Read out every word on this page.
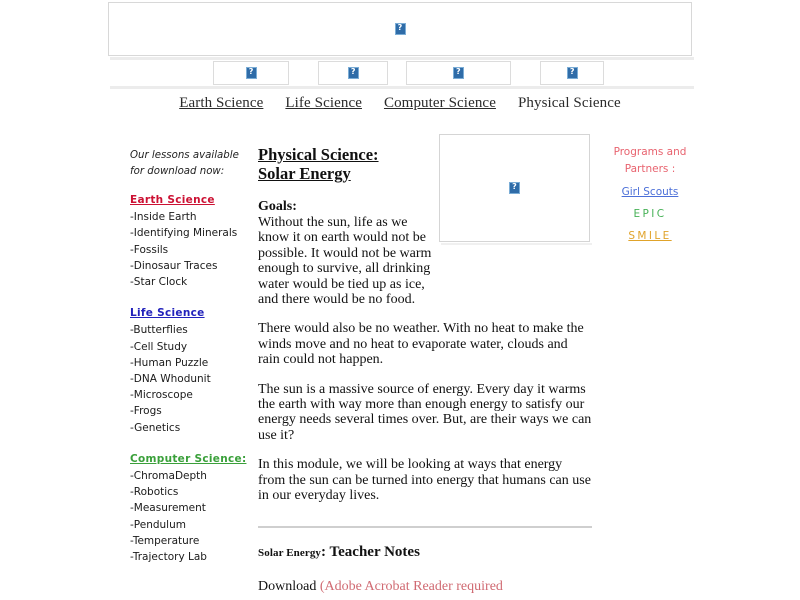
?

?

?

?

?

Earth Science Life Science Computer Science Physical Science
Our lessons available
for download now:
Earth Science
-Inside Earth
-Identifying Minerals
-Fossils
-Dinosaur Traces
-Star Clock
Life Science
-Butterflies
-Cell Study
-Human Puzzle
-DNA Whodunit
-Microscope
-Frogs
-Genetics
Computer Science:
-ChromaDepth
-Robotics
-Measurement
-Pendulum
-Temperature
-Trajectory Lab
Physical Science:
Solar Energy
Goals:
Without the sun, life as we know it on earth would not be possible. It would not be warm enough to survive, all drinking water would be tied up as ice, and there would be no food.
There would also be no weather. With no heat to make the winds move and no heat to evaporate water, clouds and rain could not happen.
The sun is a massive source of energy. Every day it warms the earth with way more than enough energy to satisfy our energy needs several times over. But, are their ways we can use it?
In this module, we will be looking at ways that energy from the sun can be turned into energy that humans can use in our everyday lives.
Solar Energy: Teacher Notes
Download (Adobe Acrobat Reader required
?
Programs and
Partners :
Girl Scouts
EPIC
SMILE
